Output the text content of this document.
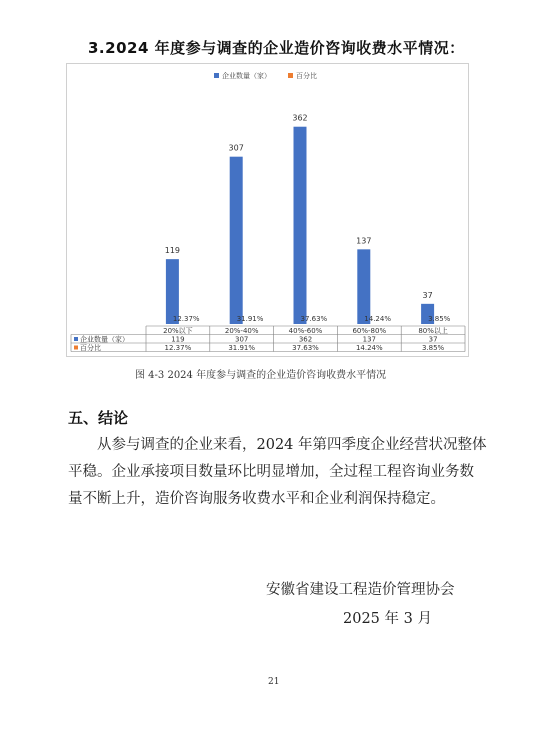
3.2024 年度参与调查的企业造价咨询收费水平情况：
企业数量（家）	百分比
119
12.37%
307
31.91%
362
37.63%
137
14.24%
37
3.85%
20%以下
119
12.37%
20%-40%
307
31.91%
40%-60%
362
37.63%
60%-80%
137
14.24%
80%以上
37
3.85%
企业数量（家）
百分比
图 4-3 2024 年度参与调查的企业造价咨询收费水平情况
五、结论

从参与调查的企业来看，2024 年第四季度企业经营状况整体

平稳。企业承接项目数量环比明显增加，全过程工程咨询业务数

量不断上升，造价咨询服务收费水平和企业利润保持稳定。

安徽省建设工程造价管理协会
2025 年 3 月
21
